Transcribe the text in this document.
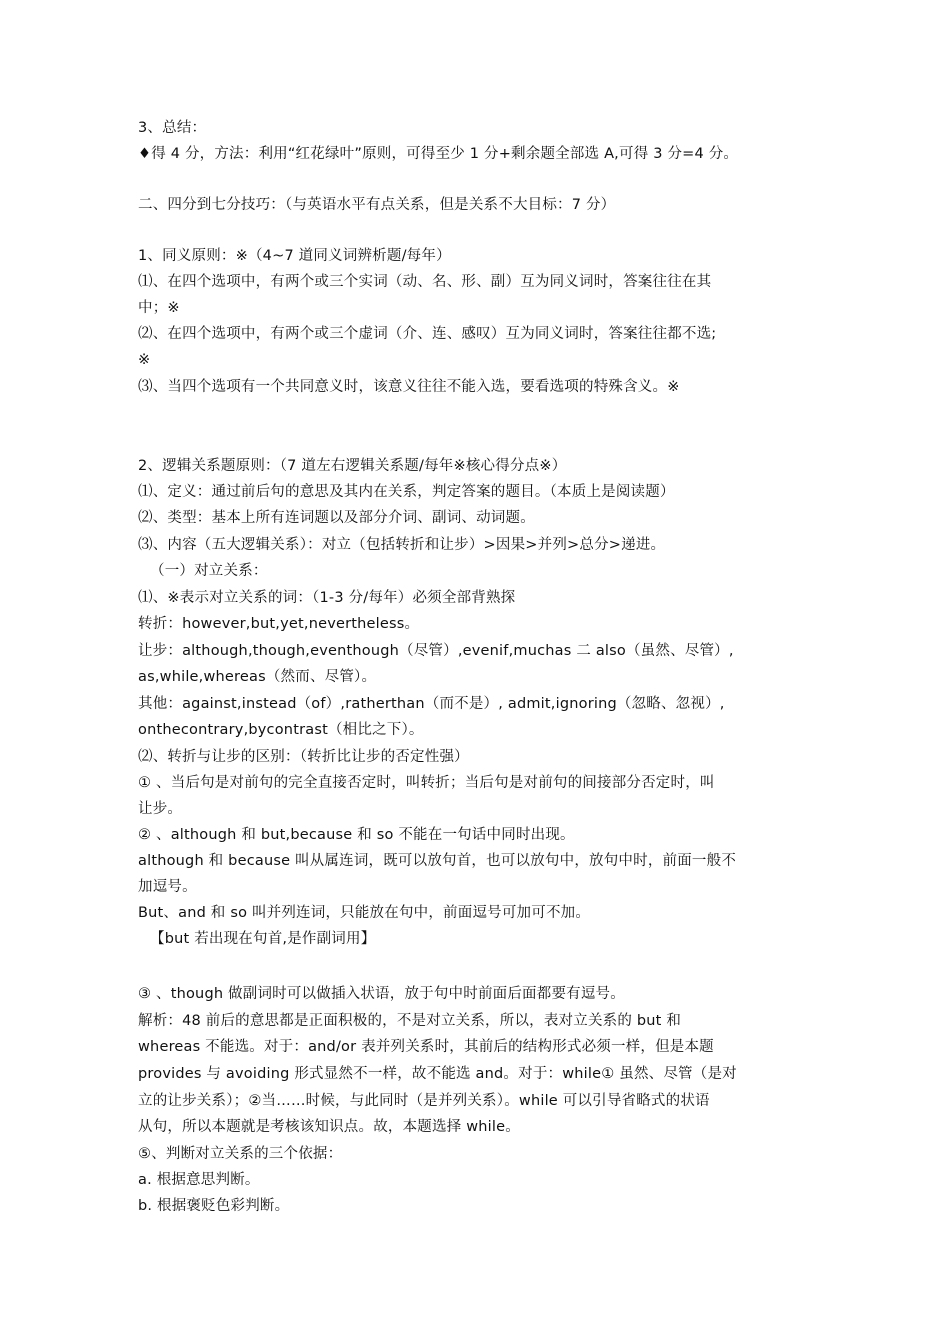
3、总结：
♦得 4 分，方法：利用“红花绿叶”原则，可得至少 1 分+剩余题全部选 A,可得 3 分=4 分。
二、四分到七分技巧：（与英语水平有点关系，但是关系不大目标：7 分）
1、同义原则：※（4~7 道同义词辨析题/每年）
⑴、在四个选项中，有两个或三个实词（动、名、形、副）互为同义词时，答案往往在其
中；※
⑵、在四个选项中，有两个或三个虚词（介、连、感叹）互为同义词时，答案往往都不选;
※
⑶、当四个选项有一个共同意义时，该意义往往不能入选，要看选项的特殊含义。※
2、逻辑关系题原则：（7 道左右逻辑关系题/每年※核心得分点※）
⑴、定义：通过前后句的意思及其内在关系，判定答案的题目。（本质上是阅读题）
⑵、类型：基本上所有连词题以及部分介词、副词、动词题。
⑶、内容（五大逻辑关系）：对立（包括转折和让步）>因果>并列>总分>递进。
（一）对立关系：
⑴、※表示对立关系的词：（1-3 分/每年）必须全部背熟探
转折：however,but,yet,nevertheless。
让步：although,though,eventhough（尽管）,evenif,muchas 二 also（虽然、尽管）,
as,while,whereas（然而、尽管）。
其他：against,instead（of）,ratherthan（而不是）, admit,ignoring（忽略、忽视）,
onthecontrary,bycontrast（相比之下）。
⑵、转折与让步的区别：（转折比让步的否定性强）
① 、当后句是对前句的完全直接否定时，叫转折；当后句是对前句的间接部分否定时，叫
让步。
② 、although 和 but,because 和 so 不能在一句话中同时出现。
although 和 because 叫从属连词，既可以放句首，也可以放句中，放句中时，前面一般不
加逗号。
But、and 和 so 叫并列连词，只能放在句中，前面逗号可加可不加。
【but 若出现在句首,是作副词用】
③ 、though 做副词时可以做插入状语，放于句中时前面后面都要有逗号。
解析：48 前后的意思都是正面积极的，不是对立关系，所以，表对立关系的 but 和
whereas 不能选。对于：and/or 表并列关系时，其前后的结构形式必须一样，但是本题
provides 与 avoiding 形式显然不一样，故不能选 and。对于：while① 虽然、尽管（是对
立的让步关系）；②当……时候，与此同时（是并列关系）。while 可以引导省略式的状语
从句，所以本题就是考核该知识点。故，本题选择 while。
⑤、判断对立关系的三个依据：
a. 根据意思判断。
b. 根据褒贬色彩判断。
